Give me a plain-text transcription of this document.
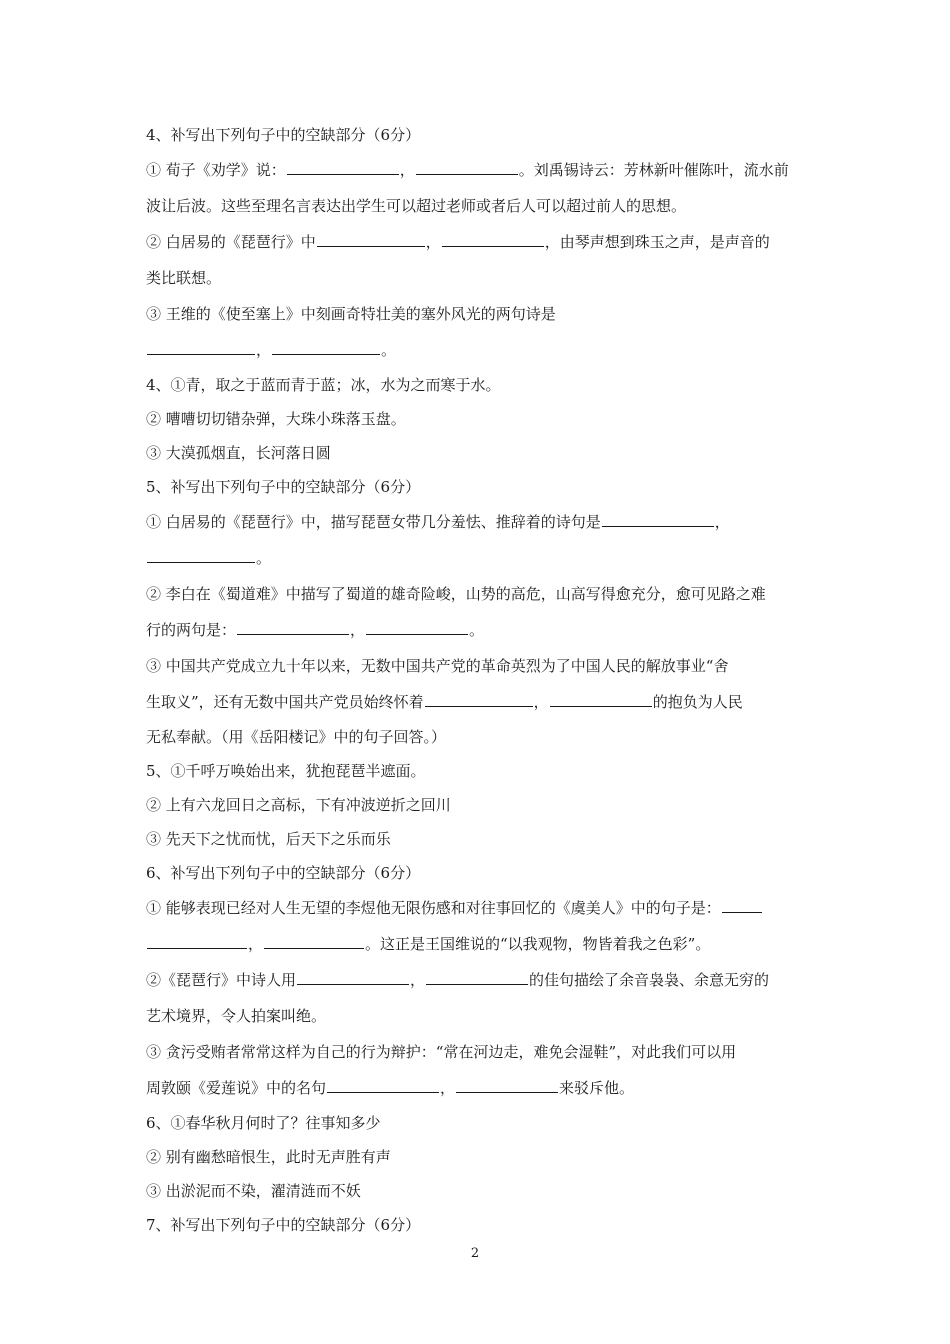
4、补写出下列句子中的空缺部分（6分）
① 荀子《劝学》说：	，	。刘禹锡诗云：芳林新叶催陈叶，流水前
波让后波。这些至理名言表达出学生可以超过老师或者后人可以超过前人的思想。
② 白居易的《琵琶行》中	，	，由琴声想到珠玉之声，是声音的
类比联想。
③ 王维的《使至塞上》中刻画奇特壮美的塞外风光的两句诗是
，	。
4、①青，取之于蓝而青于蓝；冰，水为之而寒于水。
② 嘈嘈切切错杂弹，大珠小珠落玉盘。
③ 大漠孤烟直，长河落日圆
5、补写出下列句子中的空缺部分（6分）
① 白居易的《琵琶行》中，描写琵琶女带几分羞怯、推辞着的诗句是	，
。
② 李白在《蜀道难》中描写了蜀道的雄奇险峻，山势的高危，山高写得愈充分，愈可见路之难
行的两句是：	，	。
③ 中国共产党成立九十年以来，无数中国共产党的革命英烈为了中国人民的解放事业“舍
生取义”，还有无数中国共产党员始终怀着	，	的抱负为人民
无私奉献。（用《岳阳楼记》中的句子回答。）
5、①千呼万唤始出来，犹抱琵琶半遮面。
② 上有六龙回日之高标，下有冲波逆折之回川
③ 先天下之忧而忧，后天下之乐而乐
6、补写出下列句子中的空缺部分（6分）
① 能够表现已经对人生无望的李煜他无限伤感和对往事回忆的《虞美人》中的句子是：
，	。这正是王国维说的“以我观物，物皆着我之色彩”。
②《琵琶行》中诗人用	，	的佳句描绘了余音袅袅、余意无穷的
艺术境界，令人拍案叫绝。
③ 贪污受贿者常常这样为自己的行为辩护：“常在河边走，难免会湿鞋”，对此我们可以用
周敦颐《爱莲说》中的名句	，	来驳斥他。
6、①春华秋月何时了？往事知多少
② 别有幽愁暗恨生，此时无声胜有声
③ 出淤泥而不染，濯清涟而不妖
7、补写出下列句子中的空缺部分（6分）
2
